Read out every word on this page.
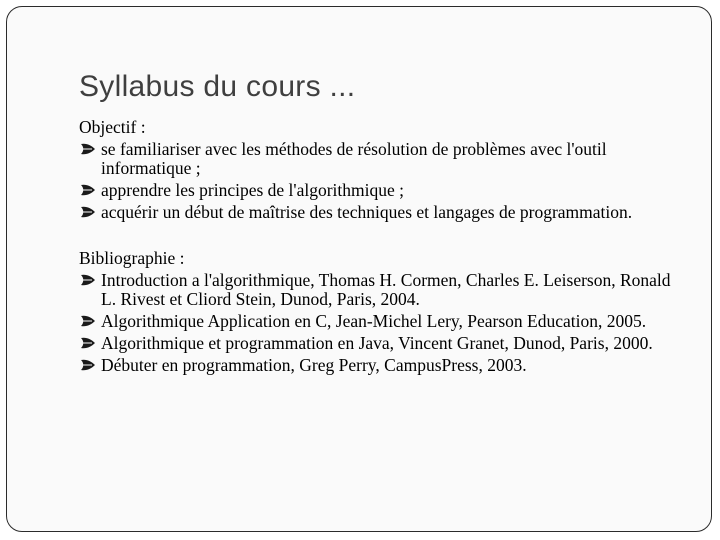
Syllabus du cours ...
Objectif :
se familiariser avec les méthodes de résolution de problèmes avec l'outil informatique ;
apprendre les principes de l'algorithmique ;
acquérir un début de maîtrise des techniques et langages de programmation.
Bibliographie :
Introduction a l'algorithmique, Thomas H. Cormen, Charles E. Leiserson, Ronald L. Rivest et Cliord Stein, Dunod, Paris, 2004.
Algorithmique Application en C, Jean-Michel Lery, Pearson Education, 2005.
Algorithmique et programmation en Java, Vincent Granet, Dunod, Paris, 2000.
Débuter en programmation, Greg Perry, CampusPress, 2003.
